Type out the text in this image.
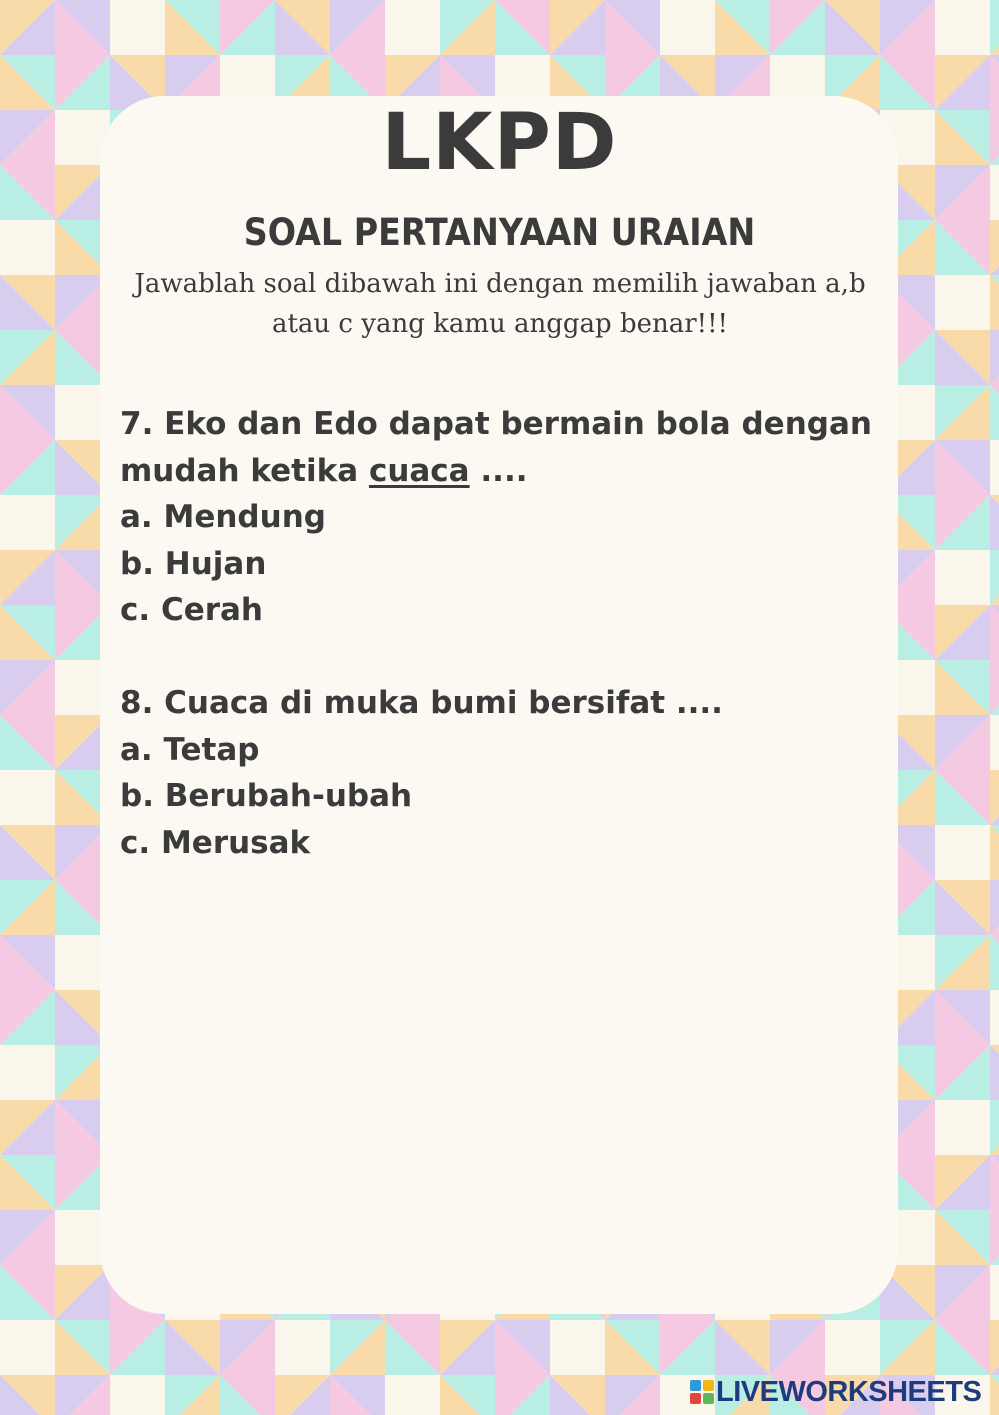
LKPD
SOAL PERTANYAAN URAIAN
Jawablah soal dibawah ini dengan memilih jawaban a,b
atau c yang kamu anggap benar!!!
7. Eko dan Edo dapat bermain bola dengan
mudah ketika cuaca ....
a. Mendung
b. Hujan
c. Cerah
8. Cuaca di muka bumi bersifat ....
a. Tetap
b. Berubah-ubah
c. Merusak
LIVEWORKSHEETS
